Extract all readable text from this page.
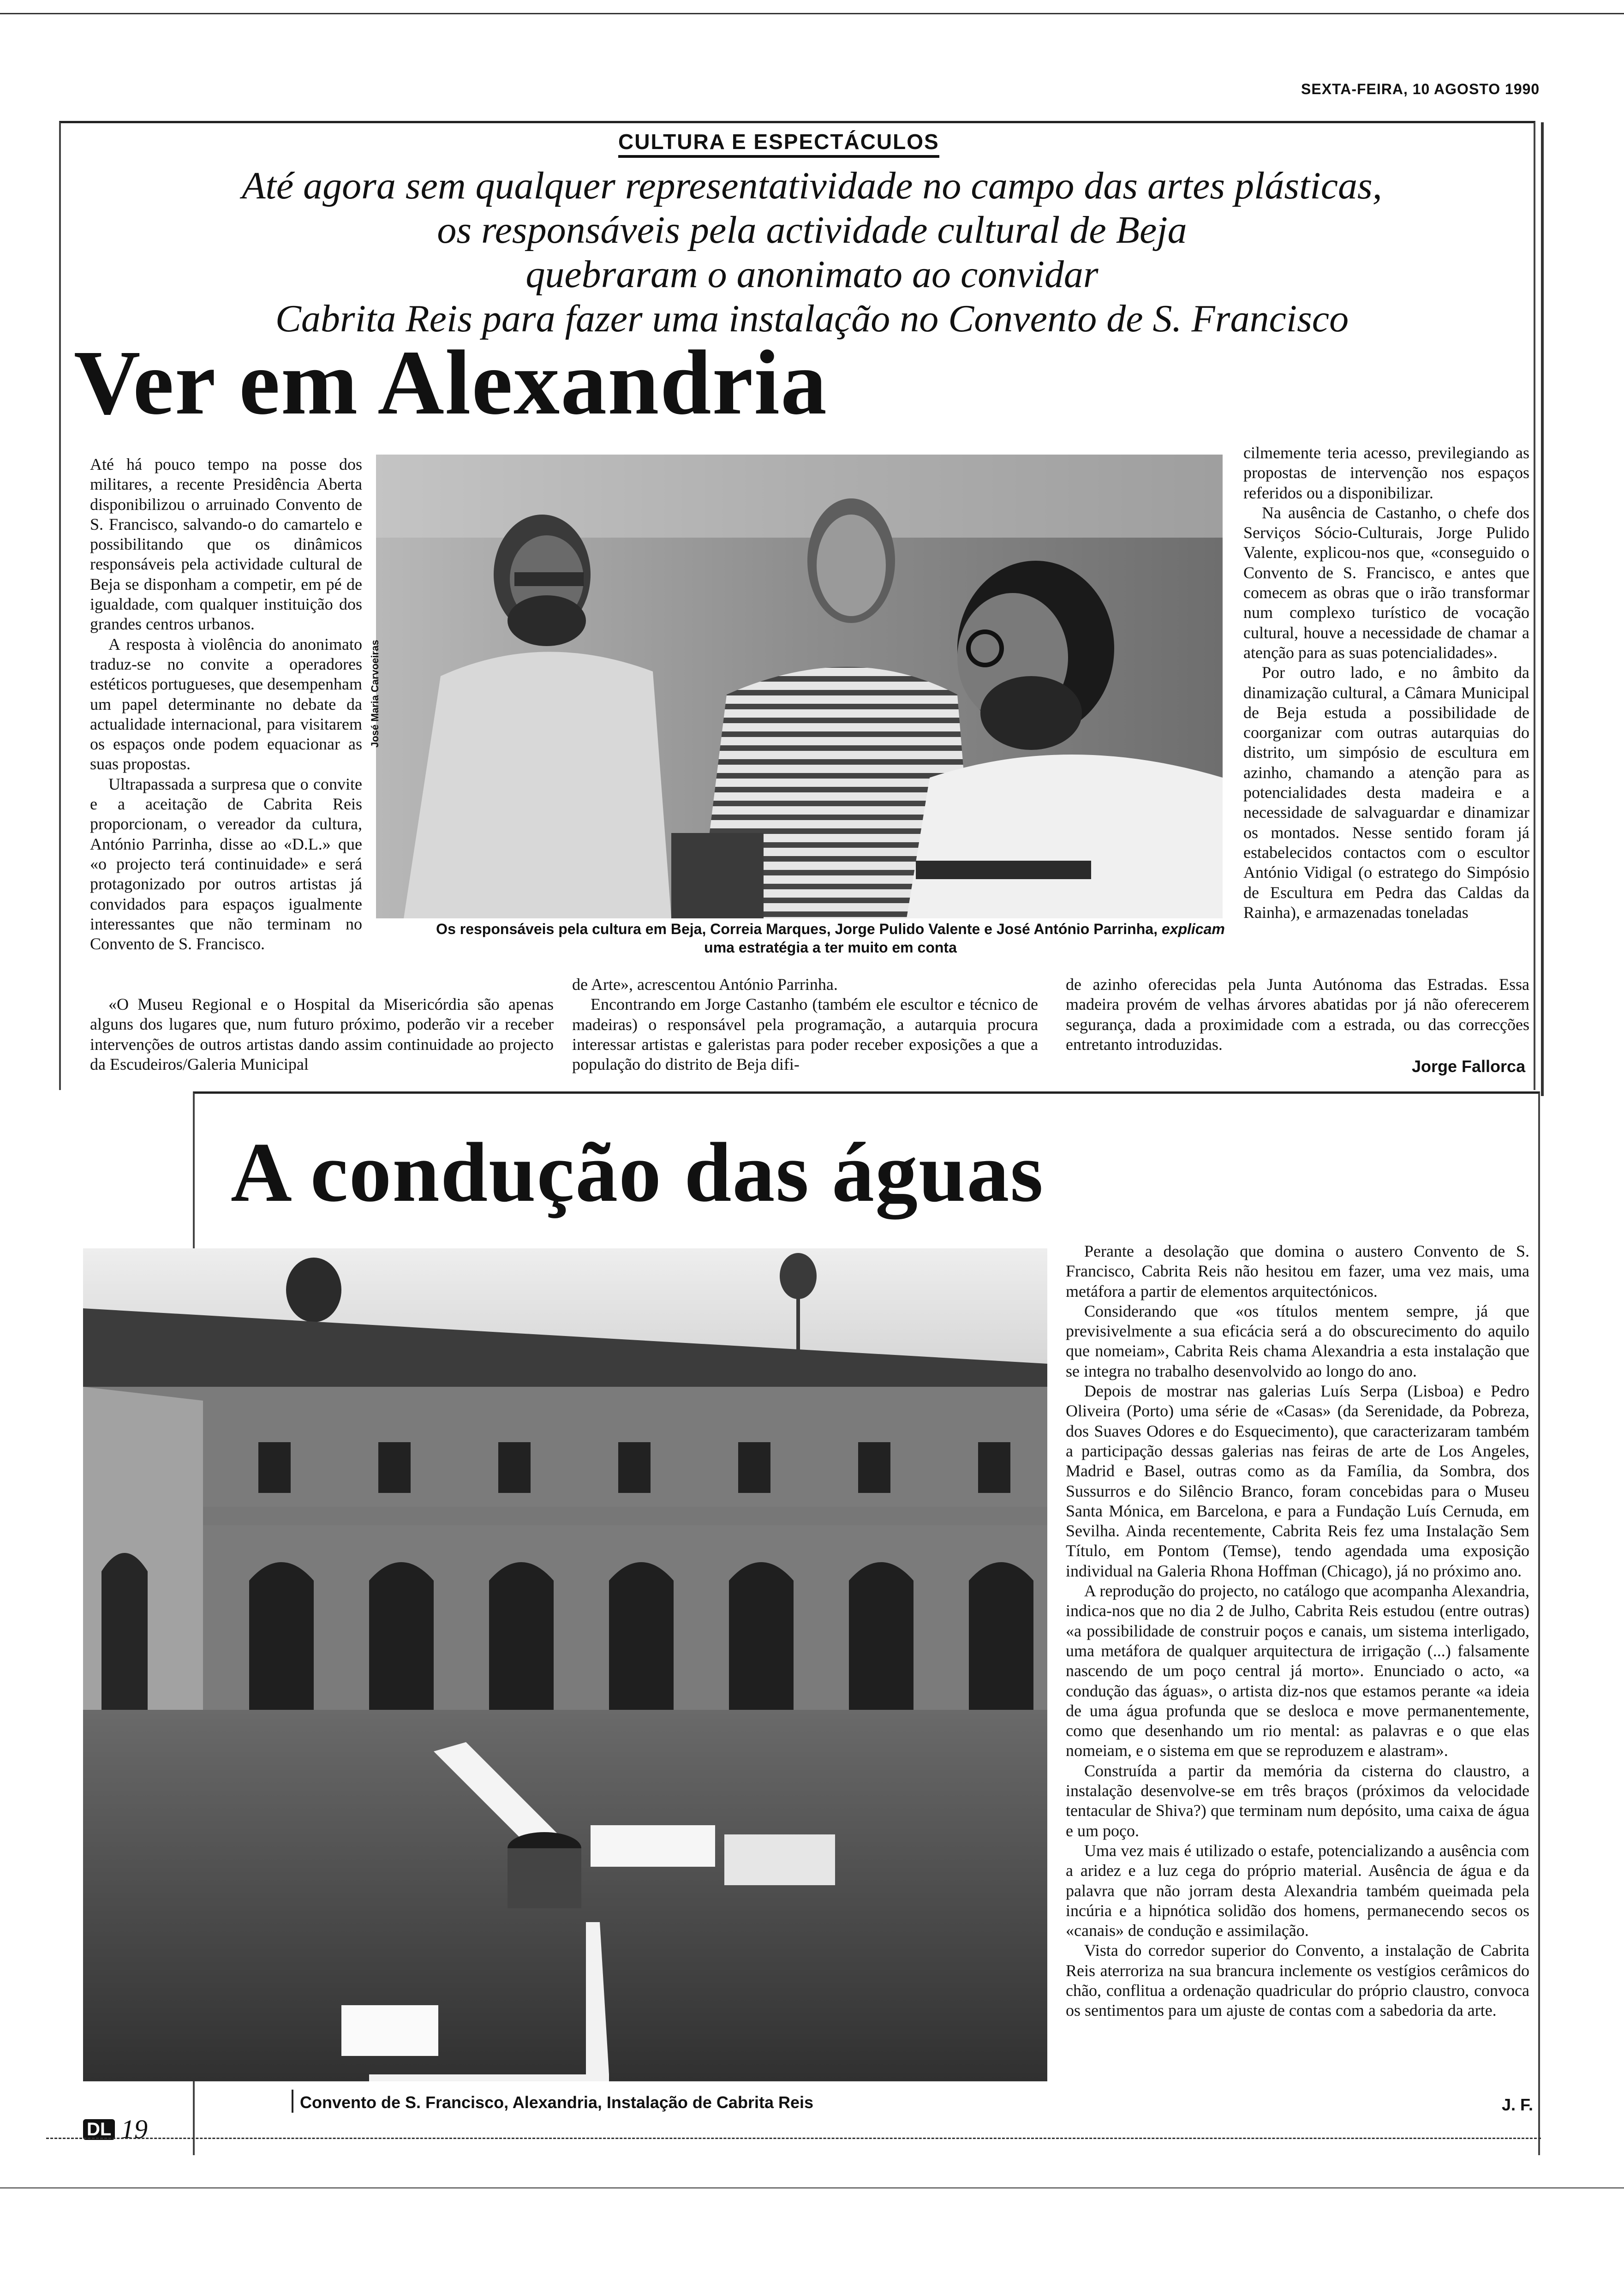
SEXTA-FEIRA, 10 AGOSTO 1990
CULTURA E ESPECTÁCULOS
Até agora sem qualquer representatividade no campo das artes plásticas,
os responsáveis pela actividade cultural de Beja
quebraram o anonimato ao convidar
Cabrita Reis para fazer uma instalação no Convento de S. Francisco
Ver em Alexandria

Até há pouco tempo na posse dos militares, a recente Presidência Aberta disponibilizou o arruinado Convento de S. Francisco, salvando-o do camartelo e possibilitando que os dinâmicos responsáveis pela actividade cultural de Beja se disponham a competir, em pé de igualdade, com qualquer instituição dos grandes centros urbanos.

A resposta à violência do anonimato traduz-se no convite a operadores estéticos portugueses, que desempenham um papel determinante no debate da actualidade internacional, para visitarem os espaços onde podem equacionar as suas propostas.

Ultrapassada a surpresa que o convite e a aceitação de Cabrita Reis proporcionam, o vereador da cultura, António Parrinha, disse ao «D.L.» que «o projecto terá continuidade» e será protagonizado por outros artistas já convidados para espaços igualmente interessantes que não terminam no Convento de S. Francisco.

José Maria Carvoeiras
Os responsáveis pela cultura em Beja, Correia Marques, Jorge Pulido Valente e José António Parrinha, explicam uma estratégia a ter muito em conta

«O Museu Regional e o Hospital da Misericórdia são apenas alguns dos lugares que, num futuro próximo, poderão vir a receber intervenções de outros artistas dando assim continuidade ao projecto da Escudeiros/Galeria Municipal

de Arte», acrescentou António Parrinha.

Encontrando em Jorge Castanho (também ele escultor e técnico de madeiras) o responsável pela programação, a autarquia procura interessar artistas e galeristas para poder receber exposições a que a população do distrito de Beja difi-

cilmemente teria acesso, previlegiando as propostas de intervenção nos espaços referidos ou a disponibilizar.

Na ausência de Castanho, o chefe dos Serviços Sócio-Culturais, Jorge Pulido Valente, explicou-nos que, «conseguido o Convento de S. Francisco, e antes que comecem as obras que o irão transformar num complexo turístico de vocação cultural, houve a necessidade de chamar a atenção para as suas potencialidades».

Por outro lado, e no âmbito da dinamização cultural, a Câmara Municipal de Beja estuda a possibilidade de coorganizar com outras autarquias do distrito, um simpósio de escultura em azinho, chamando a atenção para as potencialidades desta madeira e a necessidade de salvaguardar e dinamizar os montados. Nesse sentido foram já estabelecidos contactos com o escultor António Vidigal (o estratego do Simpósio de Escultura em Pedra das Caldas da Rainha), e armazenadas toneladas

de azinho oferecidas pela Junta Autónoma das Estradas. Essa madeira provém de velhas árvores abatidas por já não oferecerem segurança, dada a proximidade com a estrada, ou das correcções entretanto introduzidas.

Jorge Fallorca
A condução das águas

Perante a desolação que domina o austero Convento de S. Francisco, Cabrita Reis não hesitou em fazer, uma vez mais, uma metáfora a partir de elementos arquitectónicos.

Considerando que «os títulos mentem sempre, já que previsivelmente a sua eficácia será a do obscurecimento do aquilo que nomeiam», Cabrita Reis chama Alexandria a esta instalação que se integra no trabalho desenvolvido ao longo do ano.

Depois de mostrar nas galerias Luís Serpa (Lisboa) e Pedro Oliveira (Porto) uma série de «Casas» (da Serenidade, da Pobreza, dos Suaves Odores e do Esquecimento), que caracterizaram também a participação dessas galerias nas feiras de arte de Los Angeles, Madrid e Basel, outras como as da Família, da Sombra, dos Sussurros e do Silêncio Branco, foram concebidas para o Museu Santa Mónica, em Barcelona, e para a Fundação Luís Cernuda, em Sevilha. Ainda recentemente, Cabrita Reis fez uma Instalação Sem Título, em Pontom (Temse), tendo agendada uma exposição individual na Galeria Rhona Hoffman (Chicago), já no próximo ano.

A reprodução do projecto, no catálogo que acompanha Alexandria, indica-nos que no dia 2 de Julho, Cabrita Reis estudou (entre outras) «a possibilidade de construir poços e canais, um sistema interligado, uma metáfora de qualquer arquitectura de irrigação (...) falsamente nascendo de um poço central já morto». Enunciado o acto, «a condução das águas», o artista diz-nos que estamos perante «a ideia de uma água profunda que se desloca e move permanentemente, como que desenhando um rio mental: as palavras e o que elas nomeiam, e o sistema em que se reproduzem e alastram».

Construída a partir da memória da cisterna do claustro, a instalação desenvolve-se em três braços (próximos da velocidade tentacular de Shiva?) que terminam num depósito, uma caixa de água e um poço.

Uma vez mais é utilizado o estafe, potencializando a ausência com a aridez e a luz cega do próprio material. Ausência de água e da palavra que não jorram desta Alexandria também queimada pela incúria e a hipnótica solidão dos homens, permanecendo secos os «canais» de condução e assimilação.

Vista do corredor superior do Convento, a instalação de Cabrita Reis aterroriza na sua brancura inclemente os vestígios cerâmicos do chão, conflitua a ordenação quadricular do próprio claustro, convoca os sentimentos para um ajuste de contas com a sabedoria da arte.

J. F.
Convento de S. Francisco, Alexandria, Instalação de Cabrita Reis
DL 19
